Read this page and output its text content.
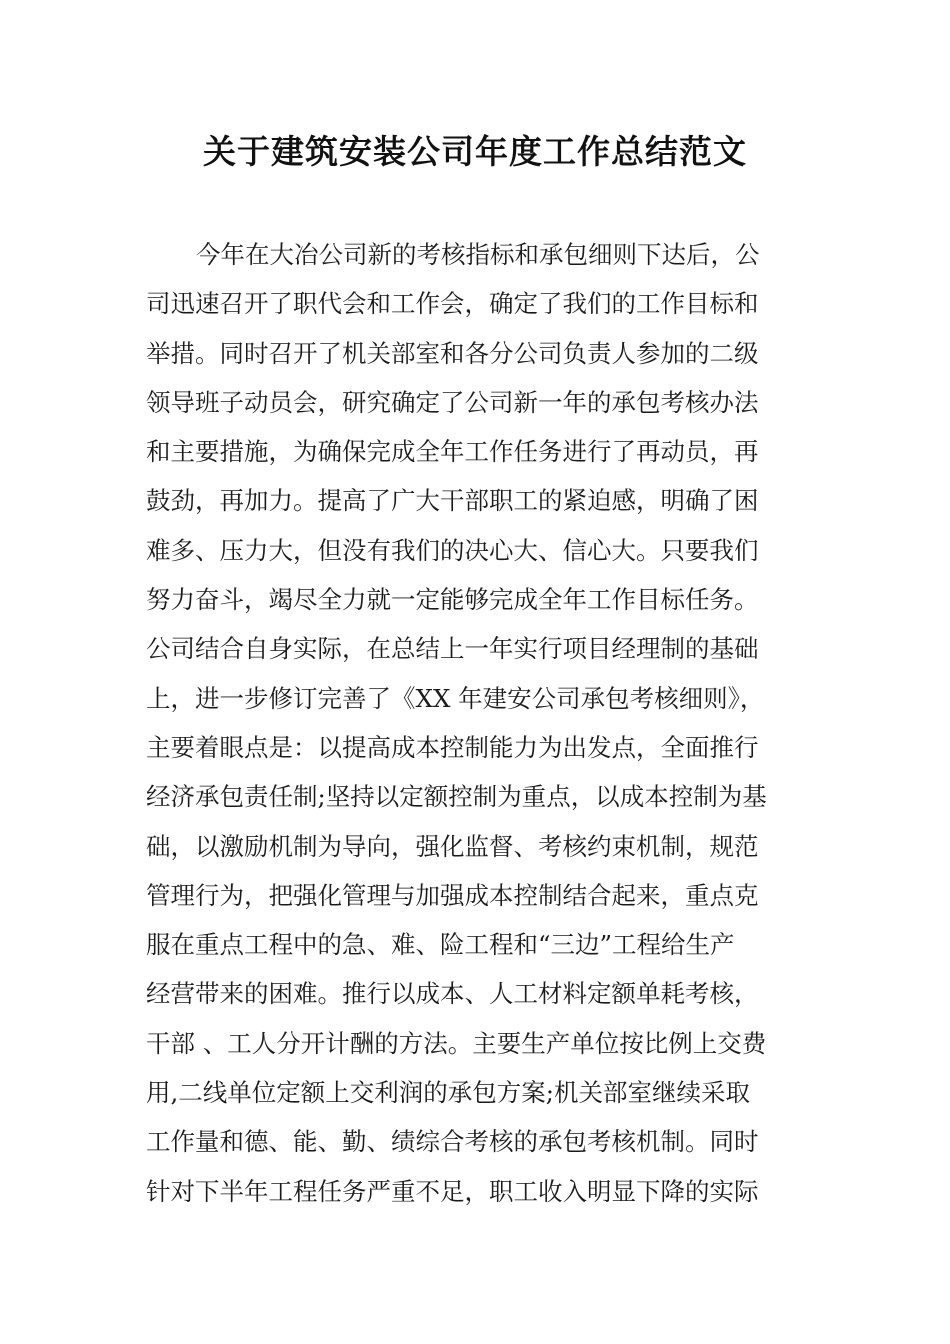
关于建筑安装公司年度工作总结范文
今年在大冶公司新的考核指标和承包细则下达后，公
司迅速召开了职代会和工作会，确定了我们的工作目标和
举措。同时召开了机关部室和各分公司负责人参加的二级
领导班子动员会，研究确定了公司新一年的承包考核办法
和主要措施，为确保完成全年工作任务进行了再动员，再
鼓劲，再加力。提高了广大干部职工的紧迫感，明确了困
难多、压力大，但没有我们的决心大、信心大。只要我们
努力奋斗，竭尽全力就一定能够完成全年工作目标任务。
公司结合自身实际，在总结上一年实行项目经理制的基础
上，进一步修订完善了《XX 年建安公司承包考核细则》，
主要着眼点是：以提高成本控制能力为出发点，全面推行
经济承包责任制;坚持以定额控制为重点，以成本控制为基
础，以激励机制为导向，强化监督、考核约束机制，规范
管理行为，把强化管理与加强成本控制结合起来，重点克
服在重点工程中的急、难、险工程和“三边”工程给生产
经营带来的困难。推行以成本、人工材料定额单耗考核，
干部 、工人分开计酬的方法。主要生产单位按比例上交费
用,二线单位定额上交利润的承包方案;机关部室继续采取
工作量和德、能、勤、绩综合考核的承包考核机制。同时
针对下半年工程任务严重不足，职工收入明显下降的实际
